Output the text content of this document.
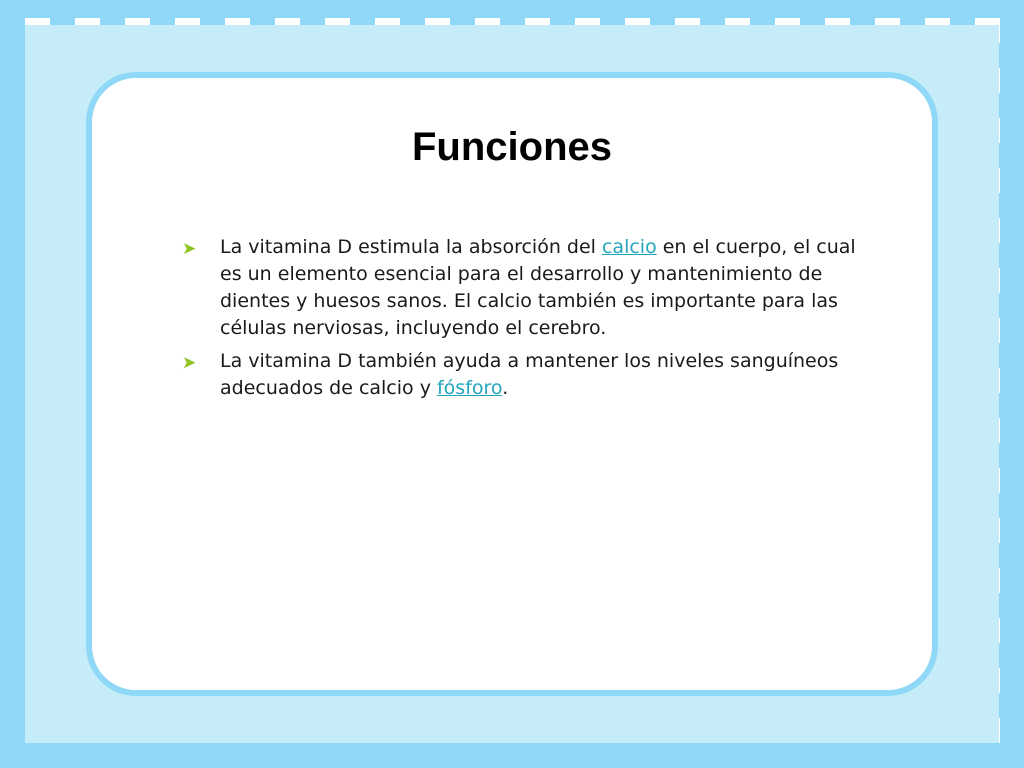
Funciones
➤ La vitamina D estimula la absorción del calcio en el cuerpo, el cual es un elemento esencial para el desarrollo y mantenimiento de dientes y huesos sanos. El calcio también es importante para las células nerviosas, incluyendo el cerebro.
➤ La vitamina D también ayuda a mantener los niveles sanguíneos adecuados de calcio y fósforo.
